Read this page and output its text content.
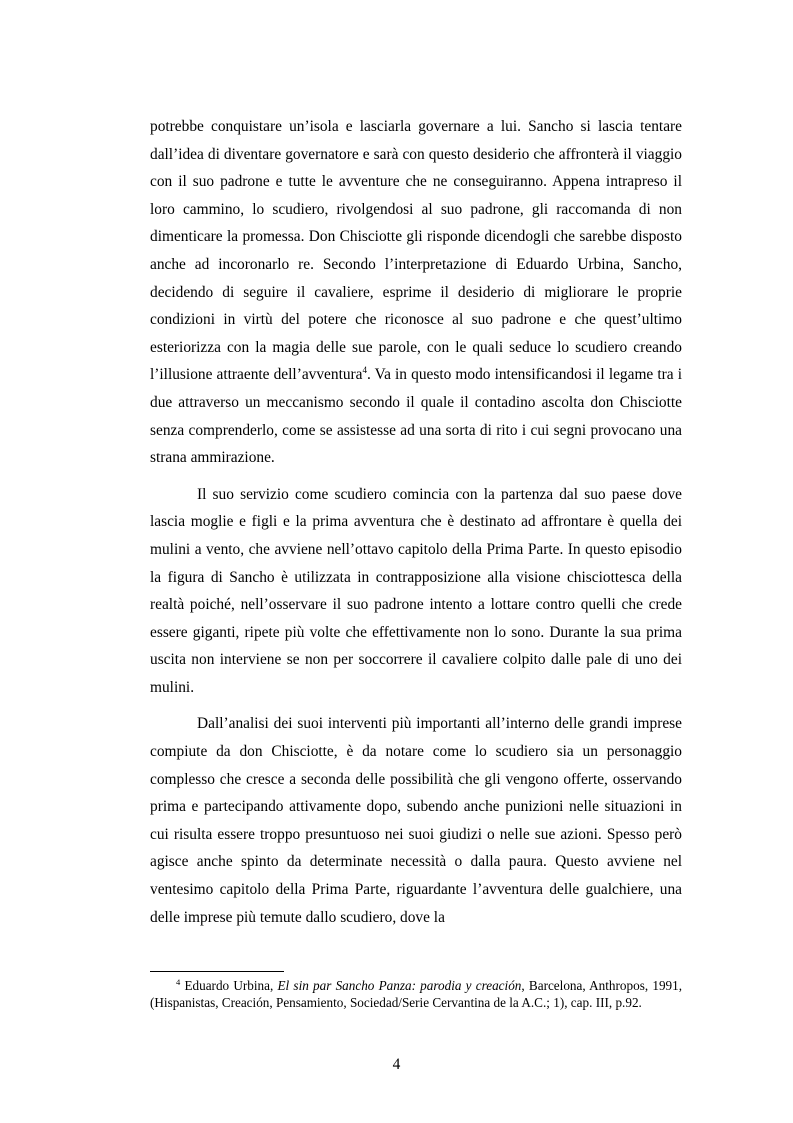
potrebbe conquistare un’isola e lasciarla governare a lui. Sancho si lascia tentare dall’idea di diventare governatore e sarà con questo desiderio che affronterà il viaggio con il suo padrone e tutte le avventure che ne conseguiranno. Appena intrapreso il loro cammino, lo scudiero, rivolgendosi al suo padrone, gli raccomanda di non dimenticare la promessa. Don Chisciotte gli risponde dicendogli che sarebbe disposto anche ad incoronarlo re. Secondo l’interpretazione di Eduardo Urbina, Sancho, decidendo di seguire il cavaliere, esprime il desiderio di migliorare le proprie condizioni in virtù del potere che riconosce al suo padrone e che quest’ultimo esteriorizza con la magia delle sue parole, con le quali seduce lo scudiero creando l’illusione attraente dell’avventura$^4$. Va in questo modo intensificandosi il legame tra i due attraverso un meccanismo secondo il quale il contadino ascolta don Chisciotte senza comprenderlo, come se assistesse ad una sorta di rito i cui segni provocano una strana ammirazione.

Il suo servizio come scudiero comincia con la partenza dal suo paese dove lascia moglie e figli e la prima avventura che è destinato ad affrontare è quella dei mulini a vento, che avviene nell’ottavo capitolo della Prima Parte. In questo episodio la figura di Sancho è utilizzata in contrapposizione alla visione chisciottesca della realtà poiché, nell’osservare il suo padrone intento a lottare contro quelli che crede essere giganti, ripete più volte che effettivamente non lo sono. Durante la sua prima uscita non interviene se non per soccorrere il cavaliere colpito dalle pale di uno dei mulini.

Dall’analisi dei suoi interventi più importanti all’interno delle grandi imprese compiute da don Chisciotte, è da notare come lo scudiero sia un personaggio complesso che cresce a seconda delle possibilità che gli vengono offerte, osservando prima e partecipando attivamente dopo, subendo anche punizioni nelle situazioni in cui risulta essere troppo presuntuoso nei suoi giudizi o nelle sue azioni. Spesso però agisce anche spinto da determinate necessità o dalla paura. Questo avviene nel ventesimo capitolo della Prima Parte, riguardante l’avventura delle gualchiere, una delle imprese più temute dallo scudiero, dove la

$^4$ Eduardo Urbina, El sin par Sancho Panza: parodia y creación, Barcelona, Anthropos, 1991, (Hispanistas, Creación, Pensamiento, Sociedad/Serie Cervantina de la A.C.; 1), cap. III, p.92.
4
